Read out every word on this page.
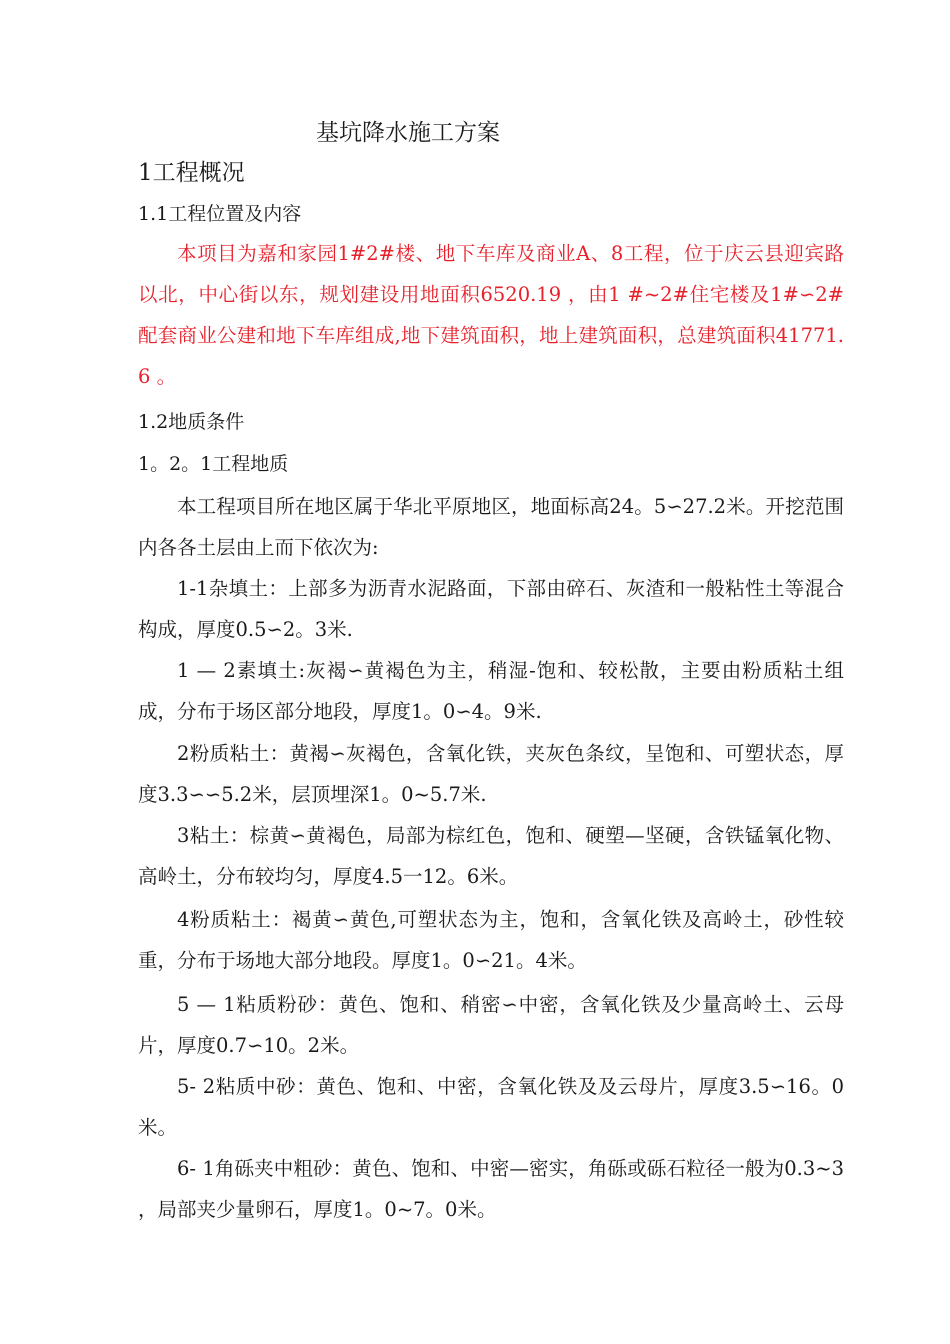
基坑降水施工方案
1工程概况
1.1工程位置及内容

本项目为嘉和家园1#2#楼、地下车库及商业A、8工程，位于庆云县迎宾路以北，中心街以东，规划建设用地面积6520.19 ，由1 #~2#住宅楼及1#∽2#配套商业公建和地下车库组成,地下建筑面积，地上建筑面积，总建筑面积41771.6 。

1.2地质条件
1。2。1工程地质

本工程项目所在地区属于华北平原地区，地面标高24。5∽27.2米。开挖范围内各各土层由上而下依次为:

1-1杂填土：上部多为沥青水泥路面，下部由碎石、灰渣和一般粘性土等混合构成，厚度0.5∽2。3米.

1 — 2素填土:灰褐∽黄褐色为主，稍湿-饱和、较松散，主要由粉质粘土组成，分布于场区部分地段，厚度1。0∽4。9米.

2粉质粘土：黄褐∽灰褐色，含氧化铁，夹灰色条纹，呈饱和、可塑状态，厚度3.3∽∽5.2米，层顶埋深1。0~5.7米.

3粘土：棕黄∽黄褐色，局部为棕红色，饱和、硬塑—坚硬，含铁锰氧化物、高岭土，分布较均匀，厚度4.5一12。6米。

4粉质粘土：褐黄∽黄色,可塑状态为主，饱和，含氧化铁及高岭土，砂性较重，分布于场地大部分地段。厚度1。0∽21。4米。

5 — 1粘质粉砂：黄色、饱和、稍密∽中密，含氧化铁及少量高岭土、云母片，厚度0.7∽10。2米。

5- 2粘质中砂：黄色、饱和、中密，含氧化铁及及云母片，厚度3.5∽16。0 米。

6- 1角砾夹中粗砂：黄色、饱和、中密—密实，角砾或砾石粒径一般为0.3~3 ，局部夹少量卵石，厚度1。0~7。0米。
